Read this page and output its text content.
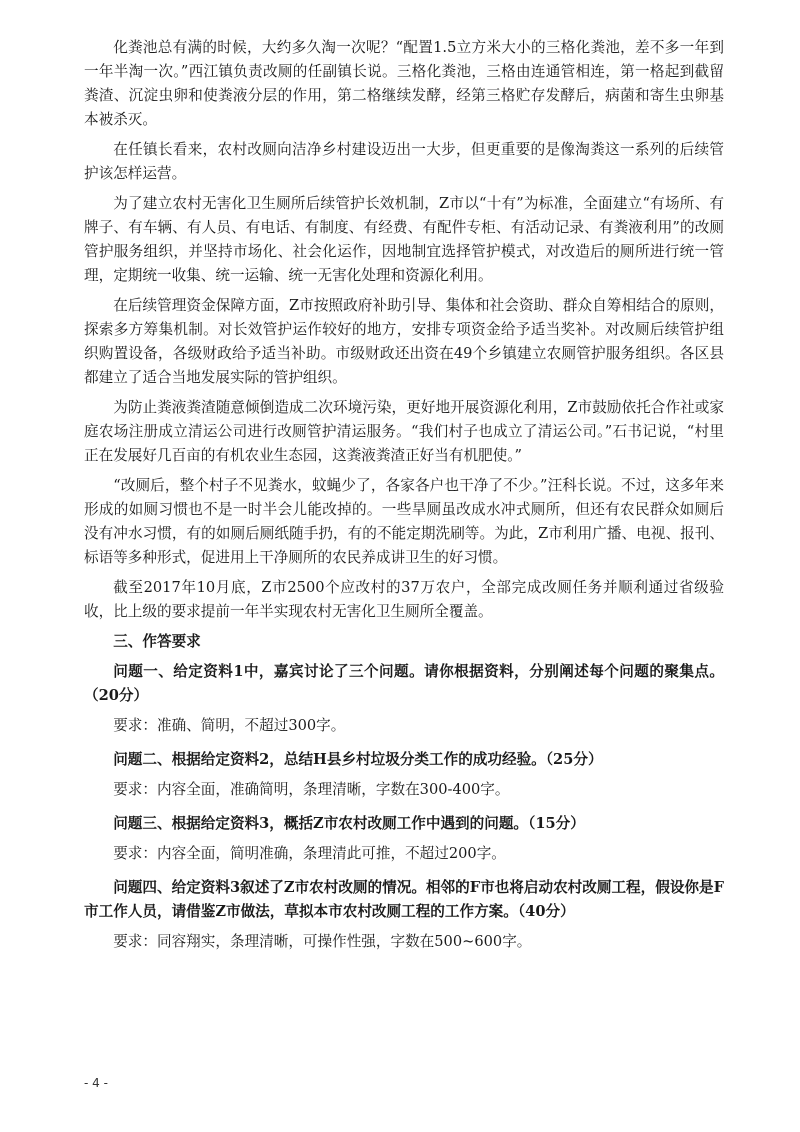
化粪池总有满的时候，大约多久淘一次呢？“配置1.5立方米大小的三格化粪池，差不多一年到一年半淘一次。”西江镇负责改厕的任副镇长说。三格化粪池，三格由连通管相连，第一格起到截留粪渣、沉淀虫卵和使粪液分层的作用，第二格继续发酵，经第三格贮存发酵后，病菌和寄生虫卵基本被杀灭。

在任镇长看来，农村改厕向洁净乡村建设迈出一大步，但更重要的是像淘粪这一系列的后续管护该怎样运营。

为了建立农村无害化卫生厕所后续管护长效机制，Z市以“十有”为标准，全面建立“有场所、有牌子、有车辆、有人员、有电话、有制度、有经费、有配件专柜、有活动记录、有粪液利用”的改厕管护服务组织，并坚持市场化、社会化运作，因地制宜选择管护模式，对改造后的厕所进行统一管理，定期统一收集、统一运输、统一无害化处理和资源化利用。

在后续管理资金保障方面，Z市按照政府补助引导、集体和社会资助、群众自筹相结合的原则，探索多方筹集机制。对长效管护运作较好的地方，安排专项资金给予适当奖补。对改厕后续管护组织购置设备，各级财政给予适当补助。市级财政还出资在49个乡镇建立农厕管护服务组织。各区县都建立了适合当地发展实际的管护组织。

为防止粪液粪渣随意倾倒造成二次环境污染，更好地开展资源化利用，Z市鼓励依托合作社或家庭农场注册成立清运公司进行改厕管护清运服务。“我们村子也成立了清运公司。”石书记说，“村里正在发展好几百亩的有机农业生态园，这粪液粪渣正好当有机肥使。”

“改厕后，整个村子不见粪水，蚊蝇少了，各家各户也干净了不少。”汪科长说。不过，这多年来形成的如厕习惯也不是一时半会儿能改掉的。一些旱厕虽改成水冲式厕所，但还有农民群众如厕后没有冲水习惯，有的如厕后厕纸随手扔，有的不能定期洗刷等。为此，Z市利用广播、电视、报刊、标语等多种形式，促进用上干净厕所的农民养成讲卫生的好习惯。

截至2017年10月底，Z市2500个应改村的37万农户，全部完成改厕任务并顺利通过省级验收，比上级的要求提前一年半实现农村无害化卫生厕所全覆盖。

三、作答要求

问题一、给定资料1中，嘉宾讨论了三个问题。请你根据资料，分别阐述每个问题的聚集点。（20分）

要求：准确、简明，不超过300字。

问题二、根据给定资料2，总结H县乡村垃圾分类工作的成功经验。（25分）

要求：内容全面，准确简明，条理清晰，字数在300-400字。

问题三、根据给定资料3，概括Z市农村改厕工作中遇到的问题。（15分）

要求：内容全面，简明准确，条理清此可推，不超过200字。

问题四、给定资料3叙述了Z市农村改厕的情况。相邻的F市也将启动农村改厕工程，假设你是F市工作人员，请借鉴Z市做法，草拟本市农村改厕工程的工作方案。（40分）

要求：同容翔实，条理清晰，可操作性强，字数在500~600字。

- 4 -
